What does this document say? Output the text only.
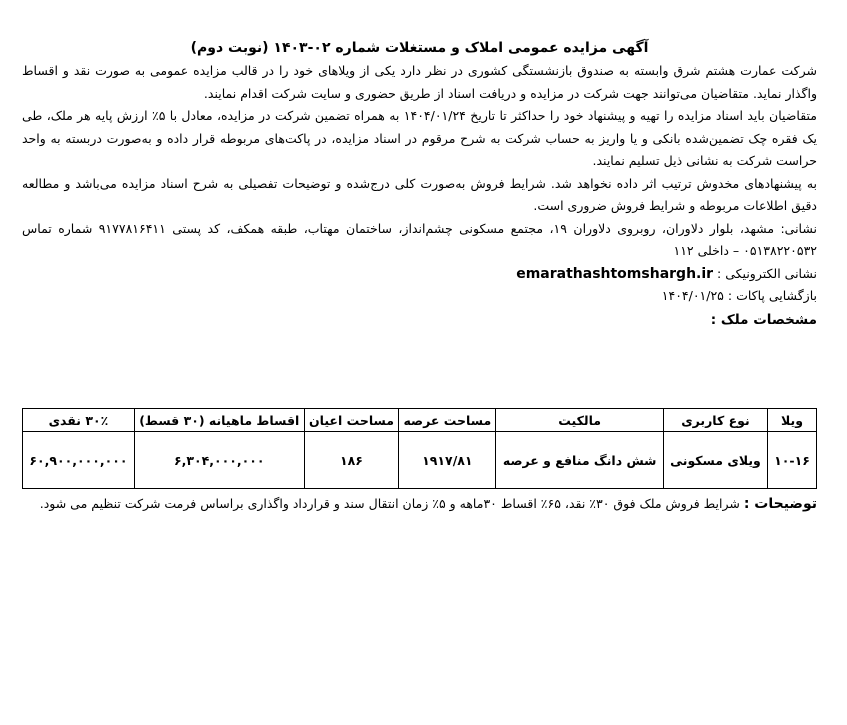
آگهی مزایده عمومی املاک و مستغلات شماره ۰۲-۱۴۰۳ (نوبت دوم)

شرکت عمارت هشتم شرق وابسته به صندوق بازنشستگی کشوری در نظر دارد یکی از ویلاهای خود را در قالب مزایده عمومی به صورت نقد و اقساط واگذار نماید. متقاضیان می‌توانند جهت شرکت در مزایده و دریافت اسناد از طریق حضوری و سایت شرکت اقدام نمایند.

متقاضیان باید اسناد مزایده را تهیه و پیشنهاد خود را حداکثر تا تاریخ ۱۴۰۴/۰۱/۲۴ به همراه تضمین شرکت در مزایده، معادل با ۵٪ ارزش پایه هر ملک، طی یک فقره چک تضمین‌شده بانکی و یا واریز به حساب شرکت به شرح مرقوم در اسناد مزایده، در پاکت‌های مربوطه قرار داده و به‌صورت دربسته به واحد حراست شرکت به نشانی ذیل تسلیم نمایند.

به پیشنهادهای مخدوش ترتیب اثر داده نخواهد شد. شرایط فروش به‌صورت کلی درج‌شده و توضیحات تفصیلی به شرح اسناد مزایده می‌باشد و مطالعه دقیق اطلاعات مربوطه و شرایط فروش ضروری است.

نشانی: مشهد، بلوار دلاوران، روبروی دلاوران ۱۹، مجتمع مسکونی چشم‌انداز، ساختمان مهتاب، طبقه همکف، کد پستی ۹۱۷۷۸۱۶۴۱۱ شماره تماس ۰۵۱۳۸۲۲۰۵۳۲ – داخلی ۱۱۲

نشانی الکترونیکی : emarathashtomshargh.ir

بازگشایی پاکات : ۱۴۰۴/۰۱/۲۵

مشخصات ملک :

ویلا	نوع کاربری	مالکیت	مساحت عرصه	مساحت اعیان	اقساط ماهیانه (۳۰ قسط)	۳۰٪ نقدی
۱۰-۱۶	ویلای مسکونی	شش دانگ منافع و عرصه	۱۹۱۷/۸۱	۱۸۶	۶,۳۰۴,۰۰۰,۰۰۰	۶۰,۹۰۰,۰۰۰,۰۰۰

توضیحات : شرایط فروش ملک فوق ۳۰٪ نقد، ۶۵٪ اقساط ۳۰ماهه و ۵٪ زمان انتقال سند و قرارداد واگذاری براساس فرمت شرکت تنظیم می شود.
